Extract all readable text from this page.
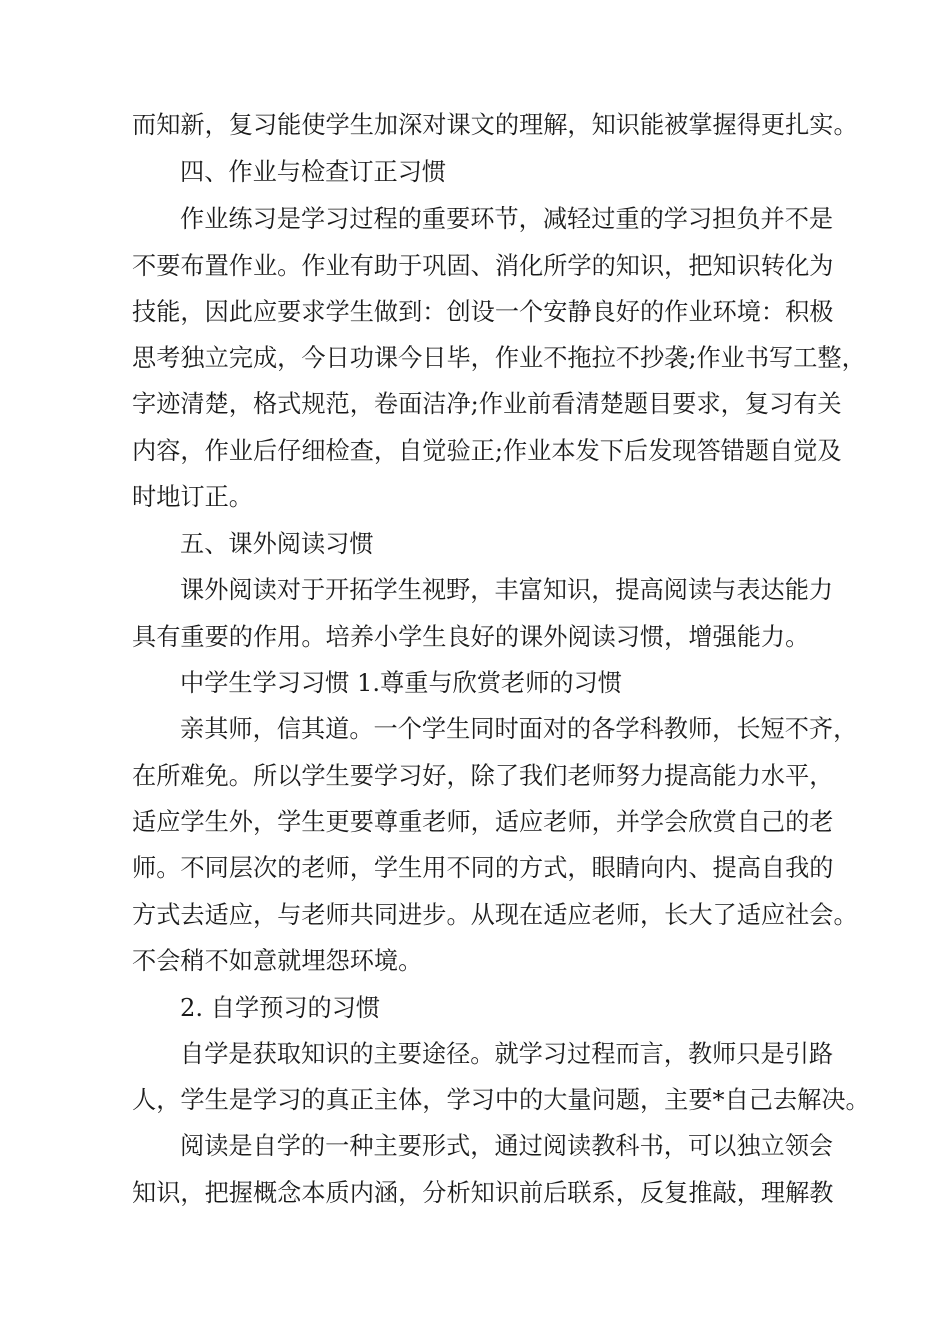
而知新，复习能使学生加深对课文的理解，知识能被掌握得更扎实。
四、作业与检查订正习惯
作业练习是学习过程的重要环节，减轻过重的学习担负并不是
不要布置作业。作业有助于巩固、消化所学的知识，把知识转化为
技能，因此应要求学生做到：创设一个安静良好的作业环境：积极
思考独立完成，今日功课今日毕，作业不拖拉不抄袭;作业书写工整，
字迹清楚，格式规范，卷面洁净;作业前看清楚题目要求，复习有关
内容，作业后仔细检查，自觉验正;作业本发下后发现答错题自觉及
时地订正。
五、课外阅读习惯
课外阅读对于开拓学生视野，丰富知识，提高阅读与表达能力
具有重要的作用。培养小学生良好的课外阅读习惯，增强能力。
中学生学习习惯 1.尊重与欣赏老师的习惯
亲其师，信其道。一个学生同时面对的各学科教师，长短不齐，
在所难免。所以学生要学习好，除了我们老师努力提高能力水平，
适应学生外，学生更要尊重老师，适应老师，并学会欣赏自己的老
师。不同层次的老师，学生用不同的方式，眼睛向内、提高自我的
方式去适应，与老师共同进步。从现在适应老师，长大了适应社会。
不会稍不如意就埋怨环境。
2. 自学预习的习惯
自学是获取知识的主要途径。就学习过程而言，教师只是引路
人，学生是学习的真正主体，学习中的大量问题，主要*自己去解决。
阅读是自学的一种主要形式，通过阅读教科书，可以独立领会
知识，把握概念本质内涵，分析知识前后联系，反复推敲，理解教
